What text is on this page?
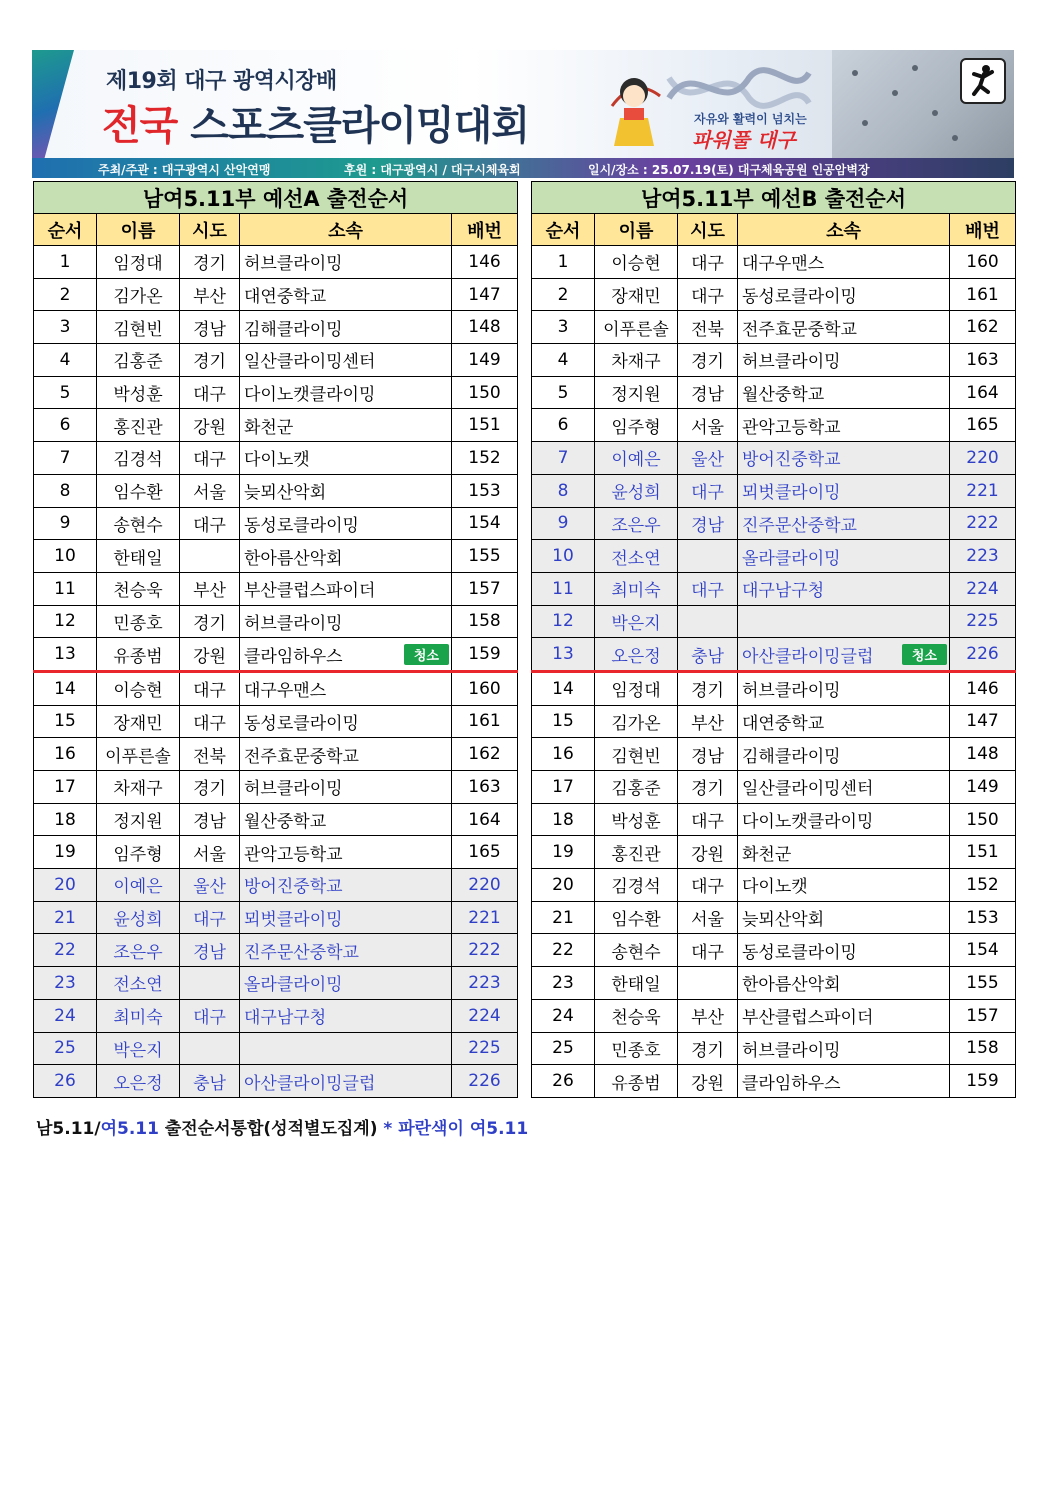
제19회 대구 광역시장배
전국 스포츠클라이밍대회	자유와 활력이 넘치는
파워풀 대구
주최/주관 : 대구광역시 산악연맹	후원 : 대구광역시 / 대구시체육회	일시/장소 : 25.07.19(토) 대구체육공원 인공암벽장
남여5.11부 예선A 출전순서				
순서	이름	시도	소속	배번
1	임정대	경기	허브클라이밍	146
2	김가온	부산	대연중학교	147
3	김현빈	경남	김해클라이밍	148
4	김홍준	경기	일산클라이밍센터	149
5	박성훈	대구	다이노캣클라이밍	150
6	홍진관	강원	화천군	151
7	김경석	대구	다이노캣	152
8	임수환	서울	늦뫼산악회	153
9	송현수	대구	동성로클라이밍	154
10	한태일		한아름산악회	155
11	천승욱	부산	부산클럽스파이더	157
12	민종호	경기	허브클라이밍	158
13	유종범	강원	클라임하우스 청소	159
14	이승현	대구	대구우맨스	160
15	장재민	대구	동성로클라이밍	161
16	이푸른솔	전북	전주효문중학교	162
17	차재구	경기	허브클라이밍	163
18	정지원	경남	월산중학교	164
19	임주형	서울	관악고등학교	165
20	이예은	울산	방어진중학교	220
21	윤성희	대구	뫼벗클라이밍	221
22	조은우	경남	진주문산중학교	222
23	전소연		올라클라이밍	223
24	최미숙	대구	대구남구청	224
25	박은지			225
26	오은정	충남	아산클라이밍글럽	226
남여5.11부 예선B 출전순서				
순서	이름	시도	소속	배번
1	이승현	대구	대구우맨스	160
2	장재민	대구	동성로클라이밍	161
3	이푸른솔	전북	전주효문중학교	162
4	차재구	경기	허브클라이밍	163
5	정지원	경남	월산중학교	164
6	임주형	서울	관악고등학교	165
7	이예은	울산	방어진중학교	220
8	윤성희	대구	뫼벗클라이밍	221
9	조은우	경남	진주문산중학교	222
10	전소연		올라클라이밍	223
11	최미숙	대구	대구남구청	224
12	박은지			225
13	오은정	충남	아산클라이밍글럽 청소	226
14	임정대	경기	허브클라이밍	146
15	김가온	부산	대연중학교	147
16	김현빈	경남	김해클라이밍	148
17	김홍준	경기	일산클라이밍센터	149
18	박성훈	대구	다이노캣클라이밍	150
19	홍진관	강원	화천군	151
20	김경석	대구	다이노캣	152
21	임수환	서울	늦뫼산악회	153
22	송현수	대구	동성로클라이밍	154
23	한태일		한아름산악회	155
24	천승욱	부산	부산클럽스파이더	157
25	민종호	경기	허브클라이밍	158
26	유종범	강원	클라임하우스	159
남5.11/여5.11 출전순서통합(성적별도집계) * 파란색이 여5.11
